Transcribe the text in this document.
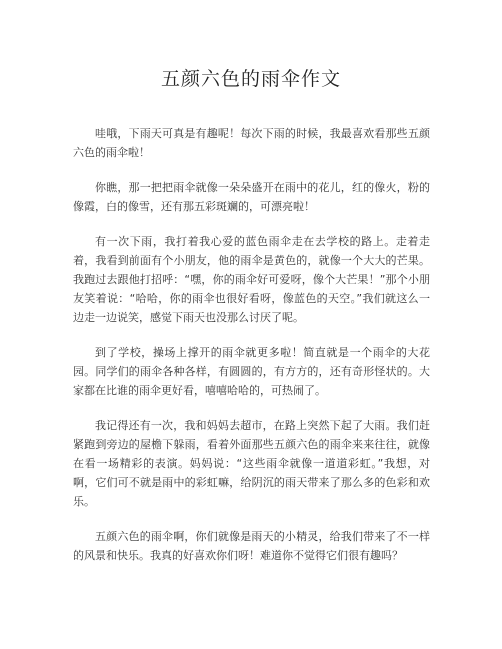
五颜六色的雨伞作文

哇哦，下雨天可真是有趣呢！每次下雨的时候，我最喜欢看那些五颜六色的雨伞啦！

你瞧，那一把把雨伞就像一朵朵盛开在雨中的花儿，红的像火，粉的像霞，白的像雪，还有那五彩斑斓的，可漂亮啦！

有一次下雨，我打着我心爱的蓝色雨伞走在去学校的路上。走着走着，我看到前面有个小朋友，他的雨伞是黄色的，就像一个大大的芒果。我跑过去跟他打招呼：“嘿，你的雨伞好可爱呀，像个大芒果！”那个小朋友笑着说：“哈哈，你的雨伞也很好看呀，像蓝色的天空。”我们就这么一边走一边说笑，感觉下雨天也没那么讨厌了呢。

到了学校，操场上撑开的雨伞就更多啦！简直就是一个雨伞的大花园。同学们的雨伞各种各样，有圆圆的，有方方的，还有奇形怪状的。大家都在比谁的雨伞更好看，嘻嘻哈哈的，可热闹了。

我记得还有一次，我和妈妈去超市，在路上突然下起了大雨。我们赶紧跑到旁边的屋檐下躲雨，看着外面那些五颜六色的雨伞来来往往，就像在看一场精彩的表演。妈妈说：“这些雨伞就像一道道彩虹。”我想，对啊，它们可不就是雨中的彩虹嘛，给阴沉的雨天带来了那么多的色彩和欢乐。

五颜六色的雨伞啊，你们就像是雨天的小精灵，给我们带来了不一样的风景和快乐。我真的好喜欢你们呀！难道你不觉得它们很有趣吗？
